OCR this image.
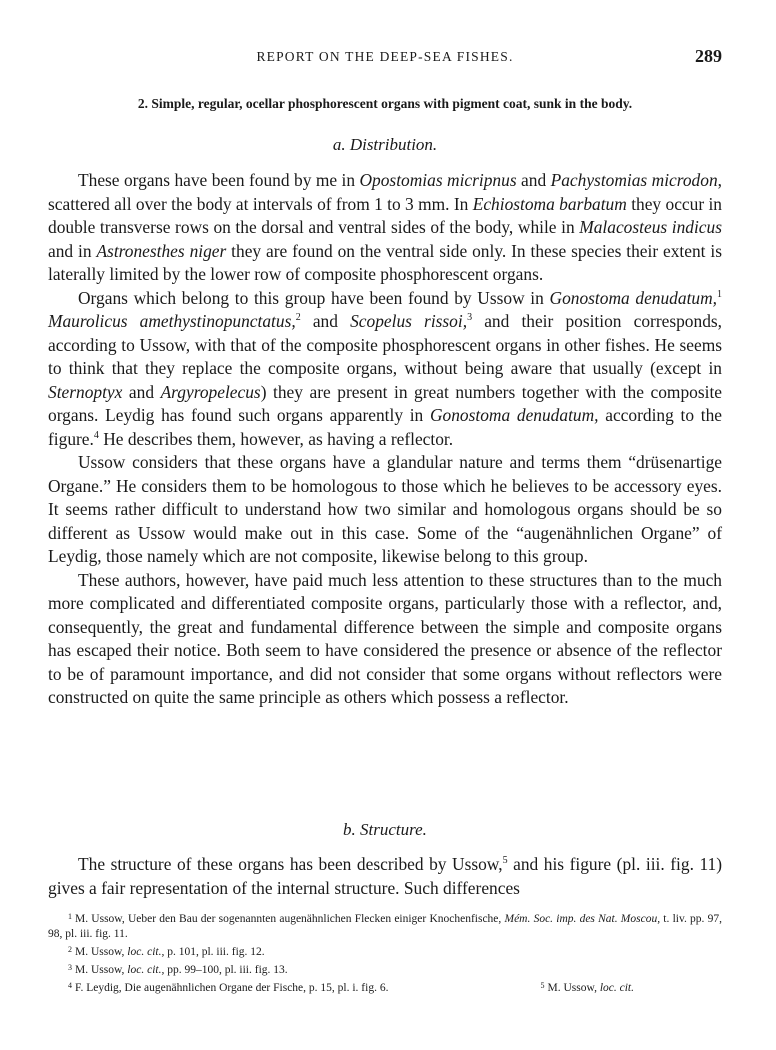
REPORT ON THE DEEP-SEA FISHES.	289
2. Simple, regular, ocellar phosphorescent organs with pigment coat, sunk in the body.
a. Distribution.

These organs have been found by me in Opostomias micripnus and Pachystomias microdon, scattered all over the body at intervals of from 1 to 3 mm. In Echiostoma barbatum they occur in double transverse rows on the dorsal and ventral sides of the body, while in Malacosteus indicus and in Astronesthes niger they are found on the ventral side only. In these species their extent is laterally limited by the lower row of composite phosphorescent organs.

Organs which belong to this group have been found by Ussow in Gonostoma denudatum,$^1$ Maurolicus amethystinopunctatus,$^2$ and Scopelus rissoi,$^3$ and their position corresponds, according to Ussow, with that of the composite phosphorescent organs in other fishes. He seems to think that they replace the composite organs, without being aware that usually (except in Sternoptyx and Argyropelecus) they are present in great numbers together with the composite organs. Leydig has found such organs apparently in Gonostoma denudatum, according to the figure.$^4$ He describes them, however, as having a reflector.

Ussow considers that these organs have a glandular nature and terms them “drüsenartige Organe.” He considers them to be homologous to those which he believes to be accessory eyes. It seems rather difficult to understand how two similar and homologous organs should be so different as Ussow would make out in this case. Some of the “augenähnlichen Organe” of Leydig, those namely which are not composite, likewise belong to this group.

These authors, however, have paid much less attention to these structures than to the much more complicated and differentiated composite organs, particularly those with a reflector, and, consequently, the great and fundamental difference between the simple and composite organs has escaped their notice. Both seem to have considered the presence or absence of the reflector to be of paramount importance, and did not consider that some organs without reflectors were constructed on quite the same principle as others which possess a reflector.

b. Structure.

The structure of these organs has been described by Ussow,$^5$ and his figure (pl. iii. fig. 11) gives a fair representation of the internal structure. Such differences

$^1$ M. Ussow, Ueber den Bau der sogenannten augenähnlichen Flecken einiger Knochenfische, Mém. Soc. imp. des Nat. Moscou, t. liv. pp. 97, 98, pl. iii. fig. 11.
$^2$ M. Ussow, loc. cit., p. 101, pl. iii. fig. 12.
$^3$ M. Ussow, loc. cit., pp. 99–100, pl. iii. fig. 13.
$^4$ F. Leydig, Die augenähnlichen Organe der Fische, p. 15, pl. i. fig. 6.	$^5$ M. Ussow, loc. cit.
